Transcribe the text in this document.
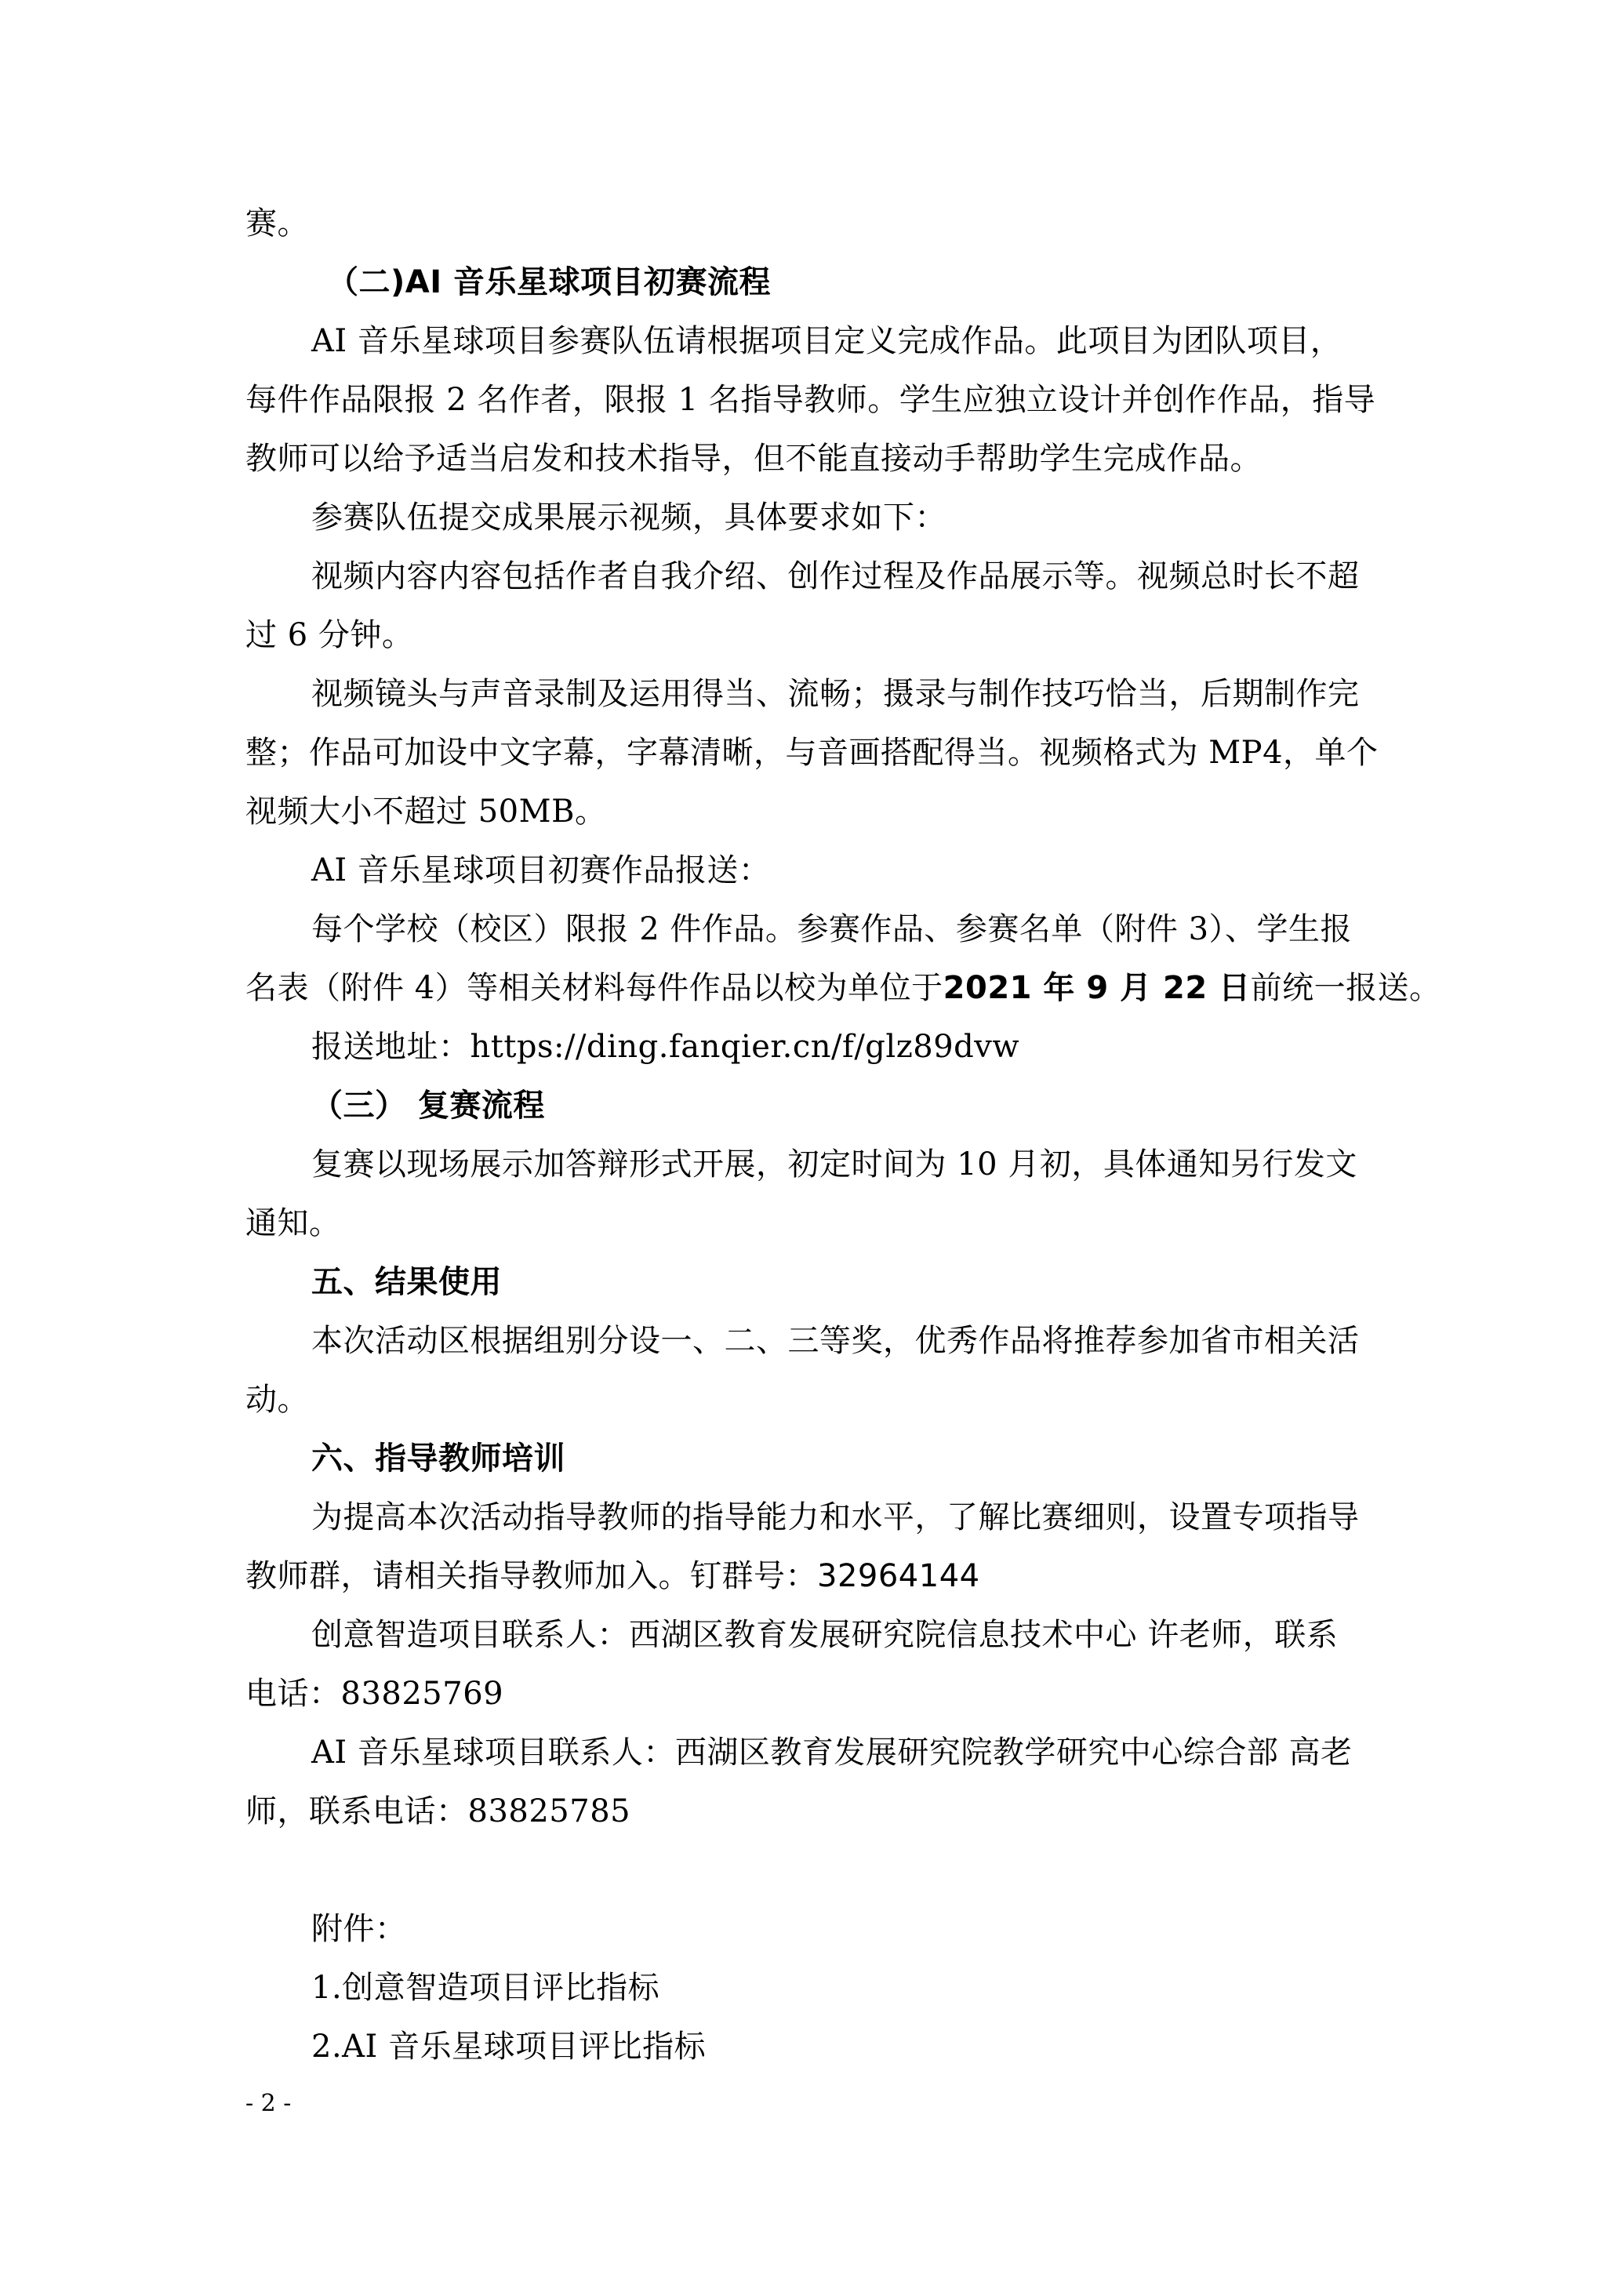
赛。
（二)AI 音乐星球项目初赛流程
AI 音乐星球项目参赛队伍请根据项目定义完成作品。此项目为团队项目，
每件作品限报 2 名作者，限报 1 名指导教师。学生应独立设计并创作作品，指导
教师可以给予适当启发和技术指导，但不能直接动手帮助学生完成作品。
参赛队伍提交成果展示视频，具体要求如下：
视频内容内容包括作者自我介绍、创作过程及作品展示等。视频总时长不超
过 6 分钟。
视频镜头与声音录制及运用得当、流畅；摄录与制作技巧恰当，后期制作完
整；作品可加设中文字幕，字幕清晰，与音画搭配得当。视频格式为 MP4，单个
视频大小不超过 50MB。
AI 音乐星球项目初赛作品报送：
每个学校（校区）限报 2 件作品。参赛作品、参赛名单（附件 3）、学生报
名表（附件 4）等相关材料每件作品以校为单位于2021 年 9 月 22 日前统一报送。
报送地址：https://ding.fanqier.cn/f/glz89dvw
（三） 复赛流程
复赛以现场展示加答辩形式开展，初定时间为 10 月初，具体通知另行发文
通知。
五、结果使用
本次活动区根据组别分设一、二、三等奖，优秀作品将推荐参加省市相关活
动。
六、指导教师培训
为提高本次活动指导教师的指导能力和水平，了解比赛细则，设置专项指导
教师群，请相关指导教师加入。钉群号：32964144
创意智造项目联系人：西湖区教育发展研究院信息技术中心 许老师，联系
电话：83825769
AI 音乐星球项目联系人：西湖区教育发展研究院教学研究中心综合部 高老
师，联系电话：83825785
附件：
1.创意智造项目评比指标
2.AI 音乐星球项目评比指标
- 2 -
